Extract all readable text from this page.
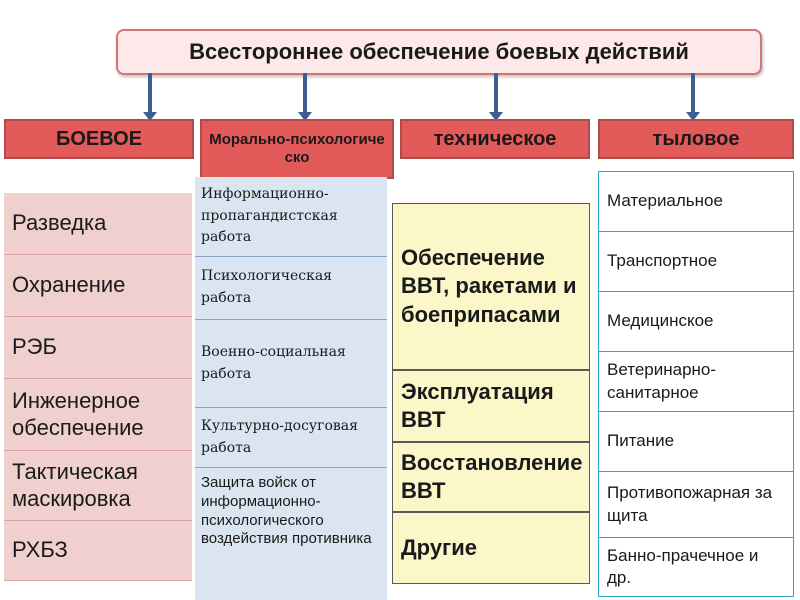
Всестороннее обеспечение боевых действий
БОЕВОЕ	Морально-психологическо
техническое	тыловое
Разведка
Охранение
РЭБ
Инженерное обеспечение
Тактическая маскировка
РХБЗ
Информационно-пропагандистская работа
Психологическая работа
Военно-социальная работа
Культурно-досуговая работа
Защита войск от информационно-психологического воздействия противника
Обеспечение ВВТ, ракетами и боеприпасами
Эксплуатация ВВТ
Восстановление ВВТ
Другие
Материальное
Транспортное
Медицинское
Ветеринарно-санитарное
Питание
Противопожарная защита
Банно-прачечное и др.
